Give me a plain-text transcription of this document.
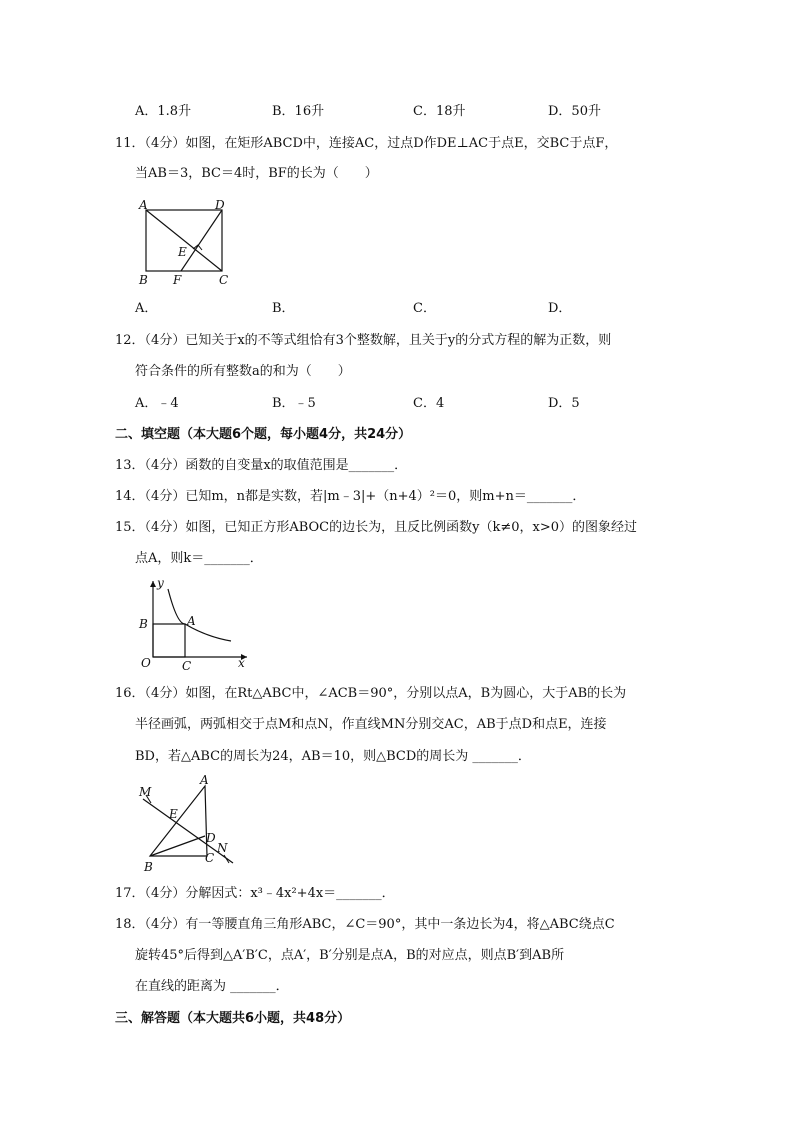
A．1.8升	B．16升	C．18升	D．50升
11．（4分）如图，在矩形ABCD中，连接AC，过点D作DE⊥AC于点E，交BC于点F，
当AB＝3，BC＝4时，BF的长为（　　）
A	D
E
B F	C
A．	B．	C．	D．
12．（4分）已知关于x的不等式组恰有3个整数解，且关于y的分式方程的解为正数，则
符合条件的所有整数a的和为（　　）
A．﹣4	B．﹣5	C．4	D．5
二、填空题（本大题6个题，每小题4分，共24分）
13．（4分）函数的自变量x的取值范围是_______．
14．（4分）已知m，n都是实数，若|m﹣3|+（n+4）²＝0，则m+n＝_______．
15．（4分）如图，已知正方形ABOC的边长为，且反比例函数y（k≠0，x>0）的图象经过
点A，则k＝_______．
y
x
A
B
C
O
16．（4分）如图，在Rt△ABC中，∠ACB＝90°，分别以点A，B为圆心，大于AB的长为
半径画弧，两弧相交于点M和点N，作直线MN分别交AC，AB于点D和点E，连接
BD，若△ABC的周长为24，AB＝10，则△BCD的周长为 _______．
M
A
E
D
N
B
C
17．（4分）分解因式：x³﹣4x²+4x＝_______．
18．（4分）有一等腰直角三角形ABC，∠C＝90°，其中一条边长为4，将△ABC绕点C
旋转45°后得到△A′B′C，点A′，B′分别是点A，B的对应点，则点B′到AB所
在直线的距离为 _______．
三、解答题（本大题共6小题，共48分）
